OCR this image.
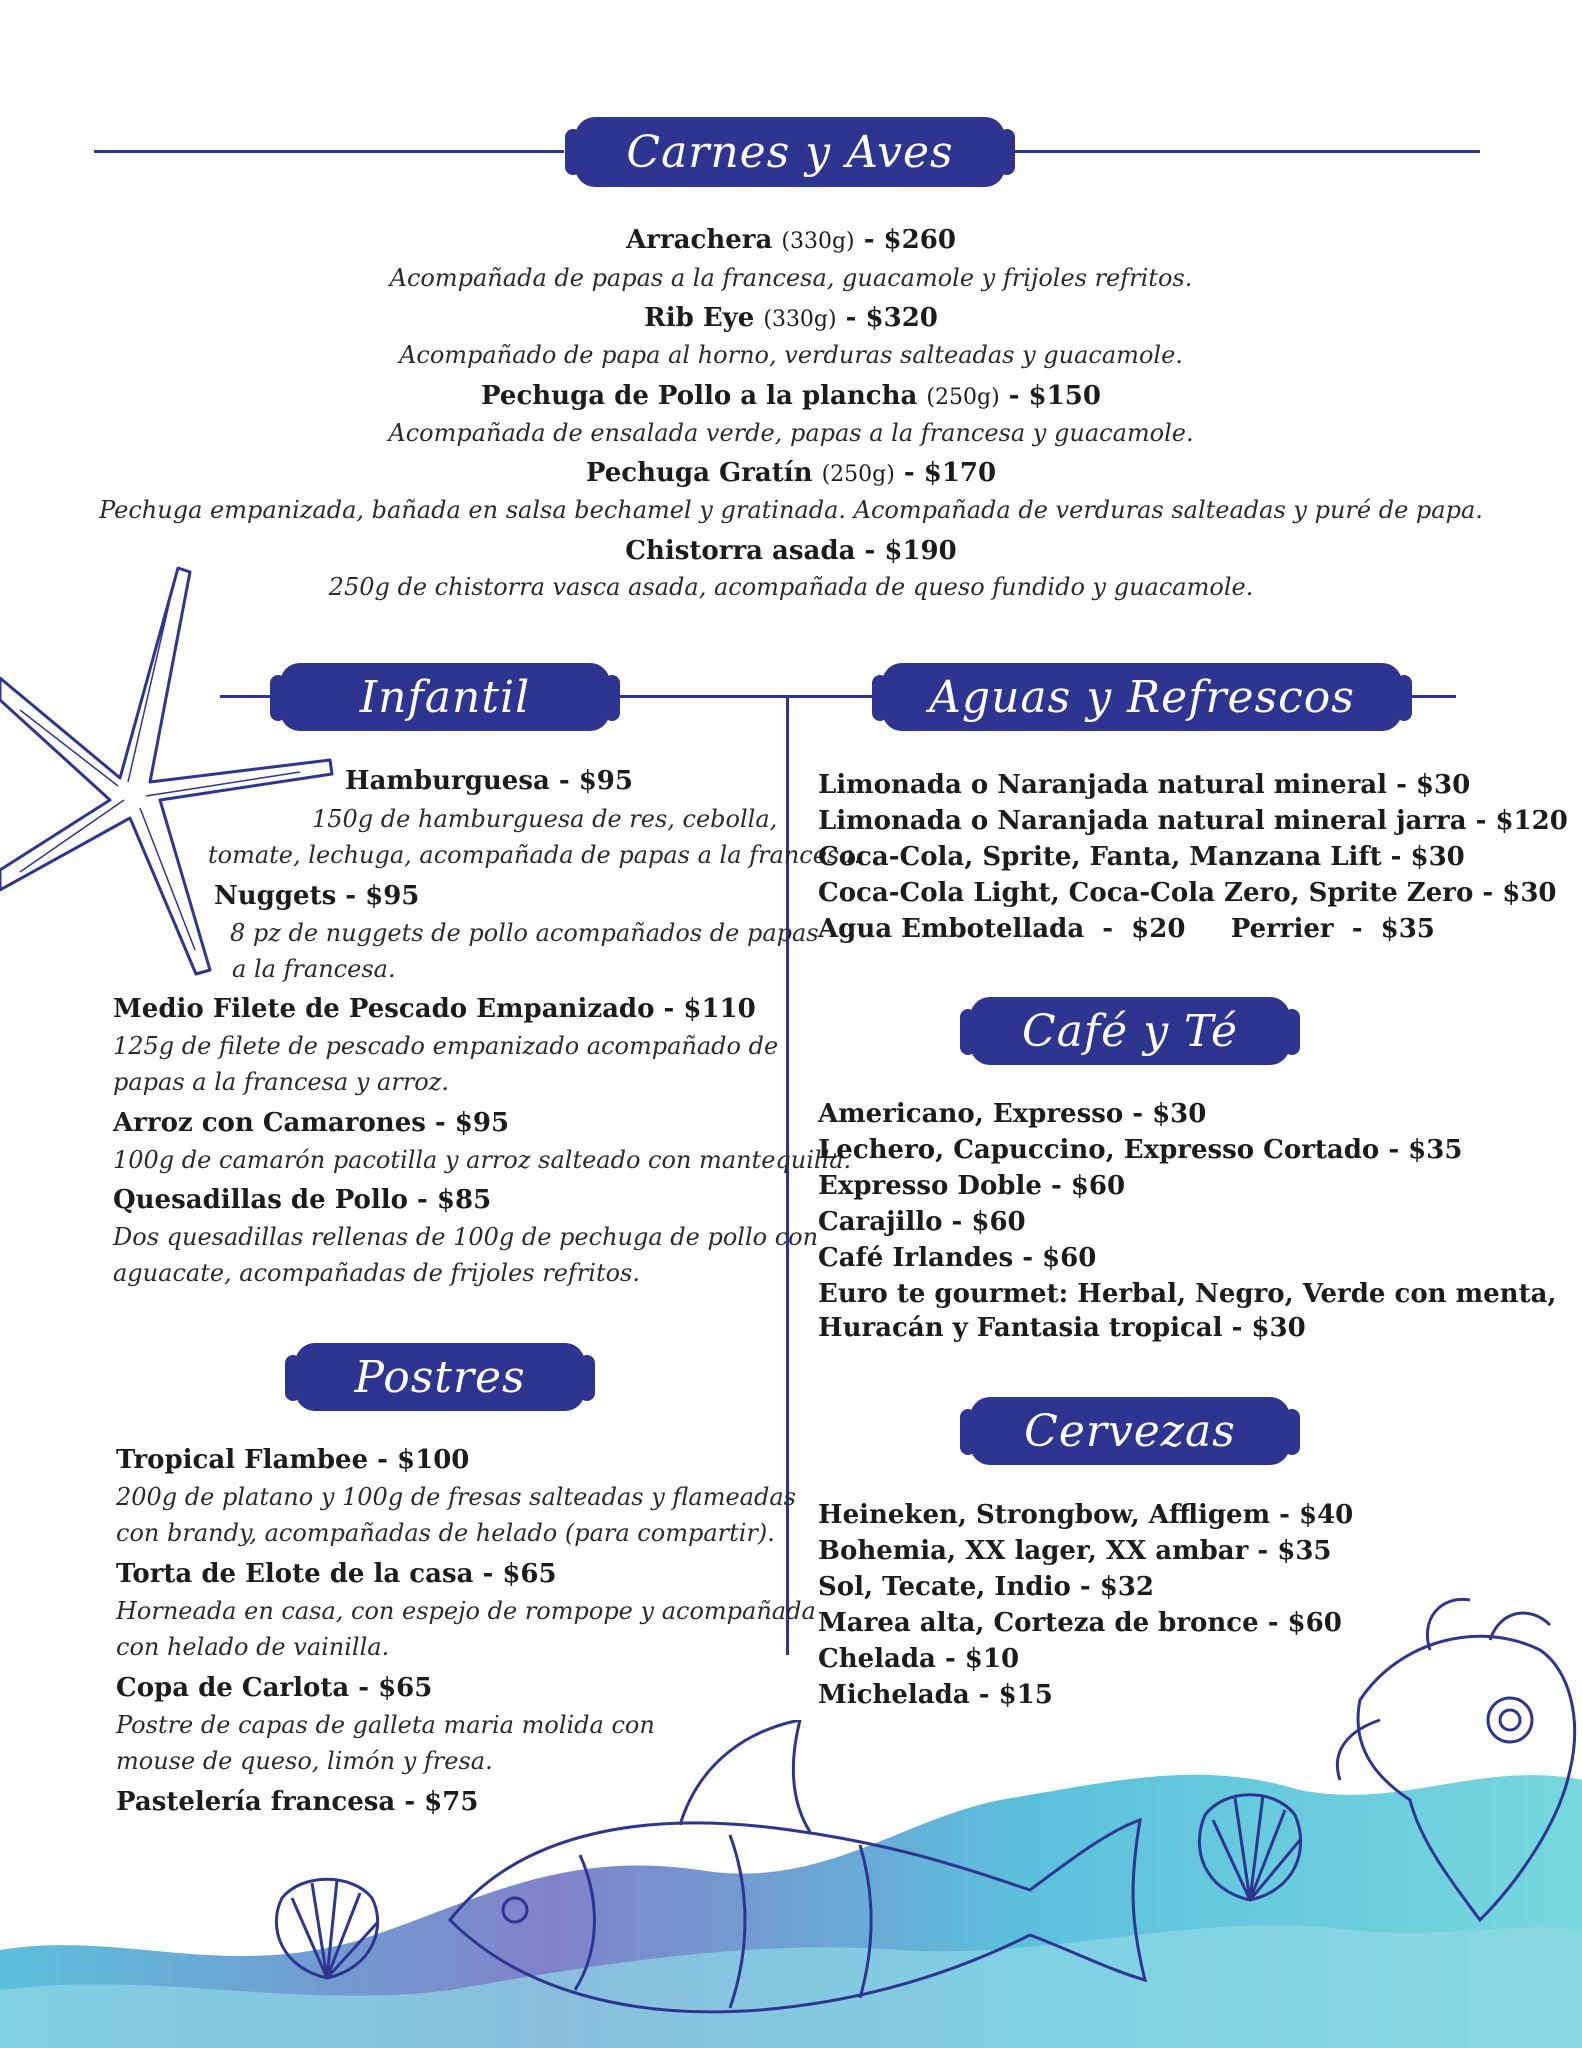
Carnes y Aves
Arrachera (330g) - $260
Acompañada de papas a la francesa, guacamole y frijoles refritos.
Rib Eye (330g) - $320
Acompañado de papa al horno, verduras salteadas y guacamole.
Pechuga de Pollo a la plancha (250g) - $150
Acompañada de ensalada verde, papas a la francesa y guacamole.
Pechuga Gratín (250g) - $170
Pechuga empanizada, bañada en salsa bechamel y gratinada. Acompañada de verduras salteadas y puré de papa.
Chistorra asada - $190
250g de chistorra vasca asada, acompañada de queso fundido y guacamole.
Infantil	Aguas y Refrescos
Hamburguesa - $95
150g de hamburguesa de res, cebolla,
tomate, lechuga, acompañada de papas a la francesa.
Nuggets - $95
8 pz de nuggets de pollo acompañados de papas
a la francesa.
Medio Filete de Pescado Empanizado - $110
125g de filete de pescado empanizado acompañado de
papas a la francesa y arroz.
Arroz con Camarones - $95
100g de camarón pacotilla y arroz salteado con mantequilla.
Quesadillas de Pollo - $85
Dos quesadillas rellenas de 100g de pechuga de pollo con
aguacate, acompañadas de frijoles refritos.
Postres
Tropical Flambee - $100
200g de platano y 100g de fresas salteadas y flameadas
con brandy, acompañadas de helado (para compartir).
Torta de Elote de la casa - $65
Horneada en casa, con espejo de rompope y acompañada
con helado de vainilla.
Copa de Carlota - $65
Postre de capas de galleta maria molida con
mouse de queso, limón y fresa.
Pastelería francesa - $75
Limonada o Naranjada natural mineral - $30
Limonada o Naranjada natural mineral jarra - $120
Coca-Cola, Sprite, Fanta, Manzana Lift - $30
Coca-Cola Light, Coca-Cola Zero, Sprite Zero - $30
Agua Embotellada  -  $20     Perrier  -  $35
Café y Té
Americano, Expresso - $30
Lechero, Capuccino, Expresso Cortado - $35
Expresso Doble - $60
Carajillo - $60
Café Irlandes - $60
Euro te gourmet: Herbal, Negro, Verde con menta,
Huracán y Fantasia tropical - $30
Cervezas
Heineken, Strongbow, Affligem - $40
Bohemia, XX lager, XX ambar - $35
Sol, Tecate, Indio - $32
Marea alta, Corteza de bronce - $60
Chelada - $10
Michelada - $15
